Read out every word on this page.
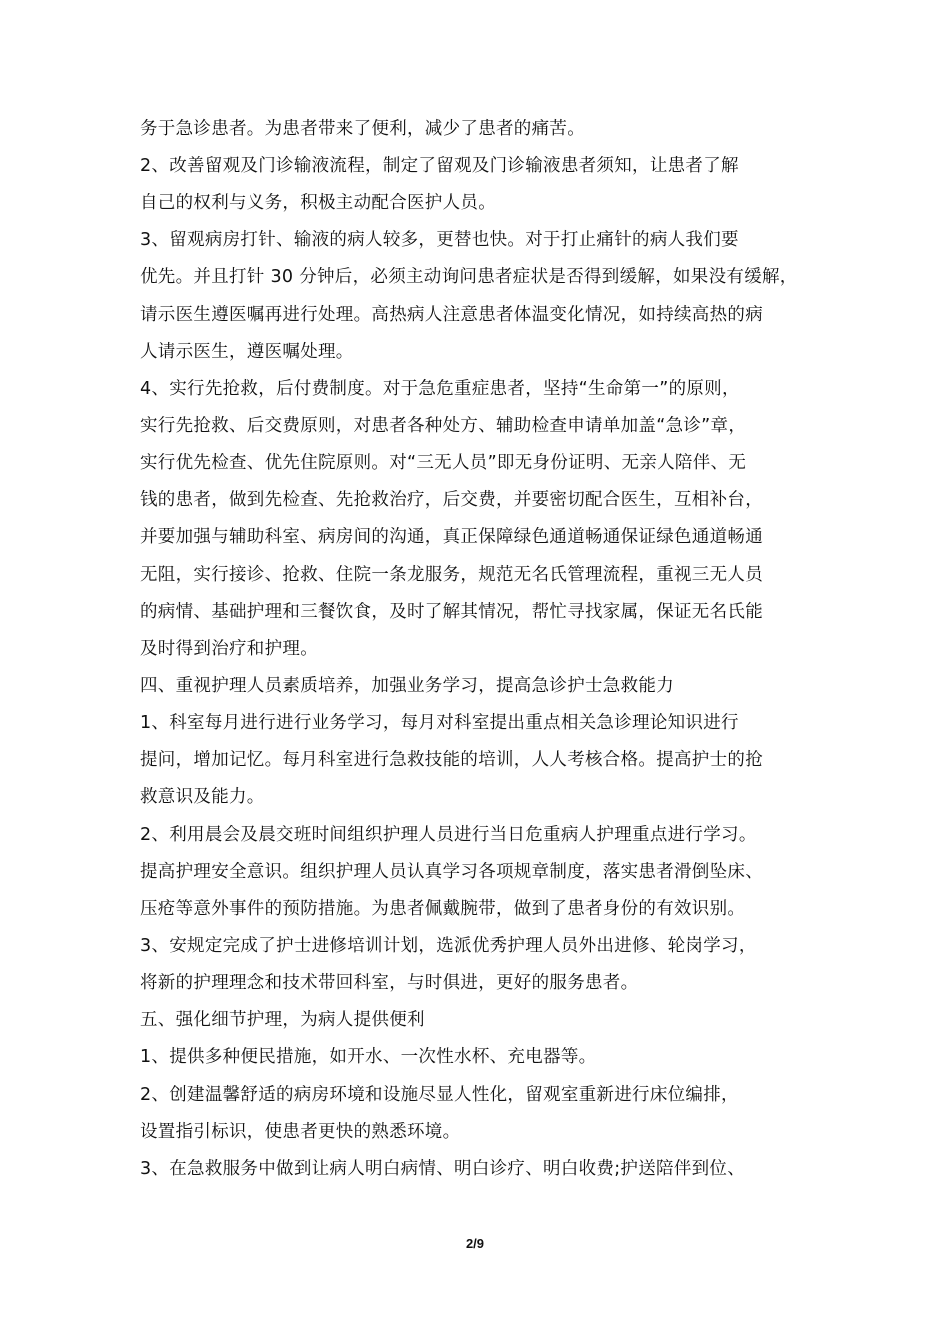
务于急诊患者。为患者带来了便利，减少了患者的痛苦。
2、改善留观及门诊输液流程，制定了留观及门诊输液患者须知，让患者了解
自己的权利与义务，积极主动配合医护人员。
3、留观病房打针、输液的病人较多，更替也快。对于打止痛针的病人我们要
优先。并且打针 30 分钟后，必须主动询问患者症状是否得到缓解，如果没有缓解，
请示医生遵医嘱再进行处理。高热病人注意患者体温变化情况，如持续高热的病
人请示医生，遵医嘱处理。
4、实行先抢救，后付费制度。对于急危重症患者，坚持“生命第一”的原则，
实行先抢救、后交费原则，对患者各种处方、辅助检查申请单加盖“急诊”章，
实行优先检查、优先住院原则。对“三无人员”即无身份证明、无亲人陪伴、无
钱的患者，做到先检查、先抢救治疗，后交费，并要密切配合医生，互相补台，
并要加强与辅助科室、病房间的沟通，真正保障绿色通道畅通保证绿色通道畅通
无阻，实行接诊、抢救、住院一条龙服务，规范无名氏管理流程，重视三无人员
的病情、基础护理和三餐饮食，及时了解其情况，帮忙寻找家属，保证无名氏能
及时得到治疗和护理。
四、重视护理人员素质培养，加强业务学习，提高急诊护士急救能力
1、科室每月进行进行业务学习，每月对科室提出重点相关急诊理论知识进行
提问，增加记忆。每月科室进行急救技能的培训，人人考核合格。提高护士的抢
救意识及能力。
2、利用晨会及晨交班时间组织护理人员进行当日危重病人护理重点进行学习。
提高护理安全意识。组织护理人员认真学习各项规章制度，落实患者滑倒坠床、
压疮等意外事件的预防措施。为患者佩戴腕带，做到了患者身份的有效识别。
3、安规定完成了护士进修培训计划，选派优秀护理人员外出进修、轮岗学习，
将新的护理理念和技术带回科室，与时俱进，更好的服务患者。
五、强化细节护理，为病人提供便利
1、提供多种便民措施，如开水、一次性水杯、充电器等。
2、创建温馨舒适的病房环境和设施尽显人性化，留观室重新进行床位编排，
设置指引标识，使患者更快的熟悉环境。
3、在急救服务中做到让病人明白病情、明白诊疗、明白收费;护送陪伴到位、
2/9
